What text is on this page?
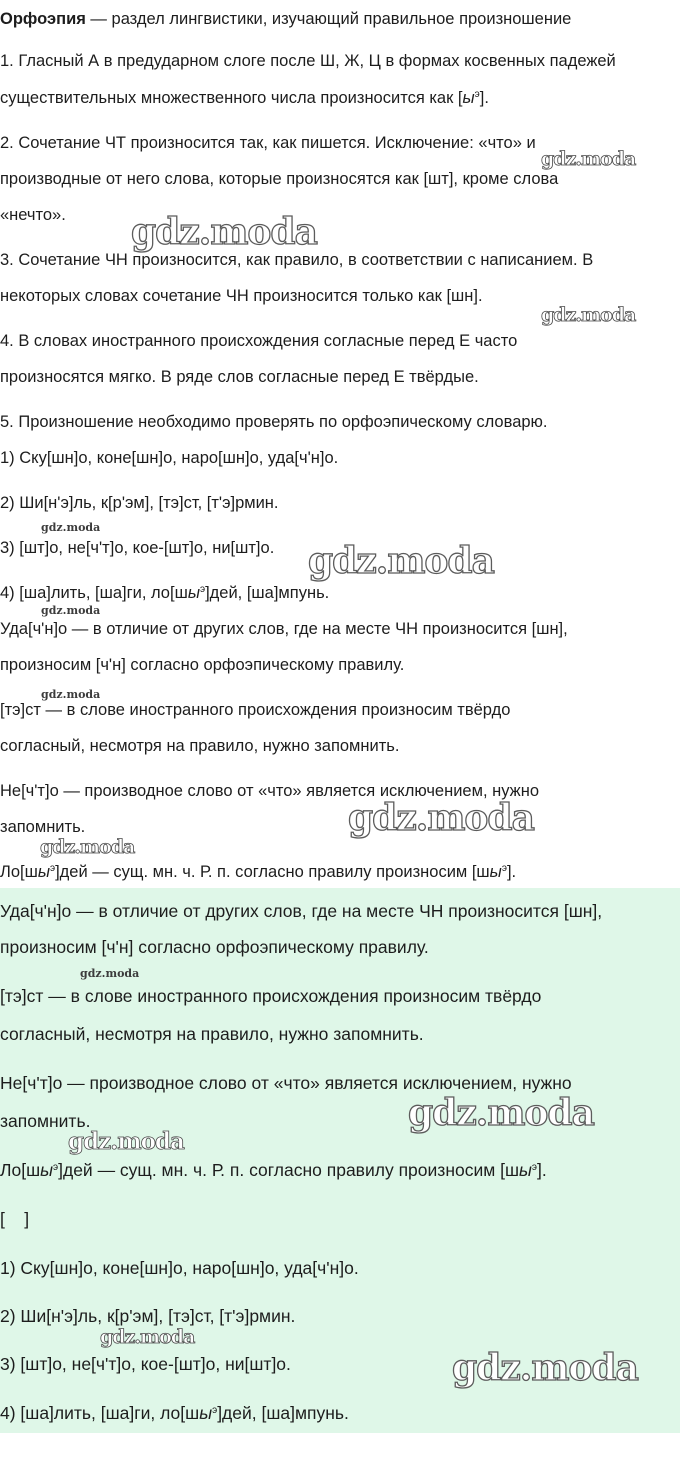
Орфоэпия — раздел лингвистики, изучающий правильное произношение
1. Гласный А в предударном слоге после Ш, Ж, Ц в формах косвенных падежей
существительных множественного числа произносится как $[ы^э]$.
2. Сочетание ЧТ произносится так, как пишется. Исключение: «что» и
производные от него слова, которые произносятся как [шт], кроме слова
«нечто».
3. Сочетание ЧН произносится, как правило, в соответствии с написанием. В
некоторых словах сочетание ЧН произносится только как [шн].
4. В словах иностранного происхождения согласные перед Е часто
произносятся мягко. В ряде слов согласные перед Е твёрдые.
5. Произношение необходимо проверять по орфоэпическому словарю.
1) Ску[шн]о, коне[шн]о, наро[шн]о, уда[ч'н]о.
2) Ши[н'э]ль, к[р'эм], [тэ]ст, [т'э]рмин.
3) [шт]о, не[ч'т]о, кое-[шт]о, ни[шт]о.
4) [ша]лить, [ша]ги, $ло[шы^э]дей$, [ша]мпунь.
Уда[ч'н]о — в отличие от других слов, где на месте ЧН произносится [шн],
произносим [ч'н] согласно орфоэпическому правилу.
[тэ]ст — в слове иностранного происхождения произносим твёрдо
согласный, несмотря на правило, нужно запомнить.
Не[ч'т]о — производное слово от «что» является исключением, нужно
запомнить.
$Ло[шы^э]дей$ — сущ. мн. ч. Р. п. согласно правилу произносим $[шы^э]$.
Уда[ч'н]о — в отличие от других слов, где на месте ЧН произносится [шн],
произносим [ч'н] согласно орфоэпическому правилу.
[тэ]ст — в слове иностранного происхождения произносим твёрдо
согласный, несмотря на правило, нужно запомнить.
Не[ч'т]о — производное слово от «что» является исключением, нужно
запомнить.
$Ло[шы^э]дей$ — сущ. мн. ч. Р. п. согласно правилу произносим $[шы^э]$.
[    ]
1) Ску[шн]о, коне[шн]о, наро[шн]о, уда[ч'н]о.
2) Ши[н'э]ль, к[р'эм], [тэ]ст, [т'э]рмин.
3) [шт]о, не[ч'т]о, кое-[шт]о, ни[шт]о.
4) [ша]лить, [ша]ги, $ло[шы^э]дей$, [ша]мпунь.
gdz.moda
gdz.moda
gdz.moda
gdz.moda
gdz.moda
gdz.moda
gdz.moda
gdz.moda
gdz.moda
gdz.moda
gdz.moda
gdz.moda
gdz.moda
gdz.moda
